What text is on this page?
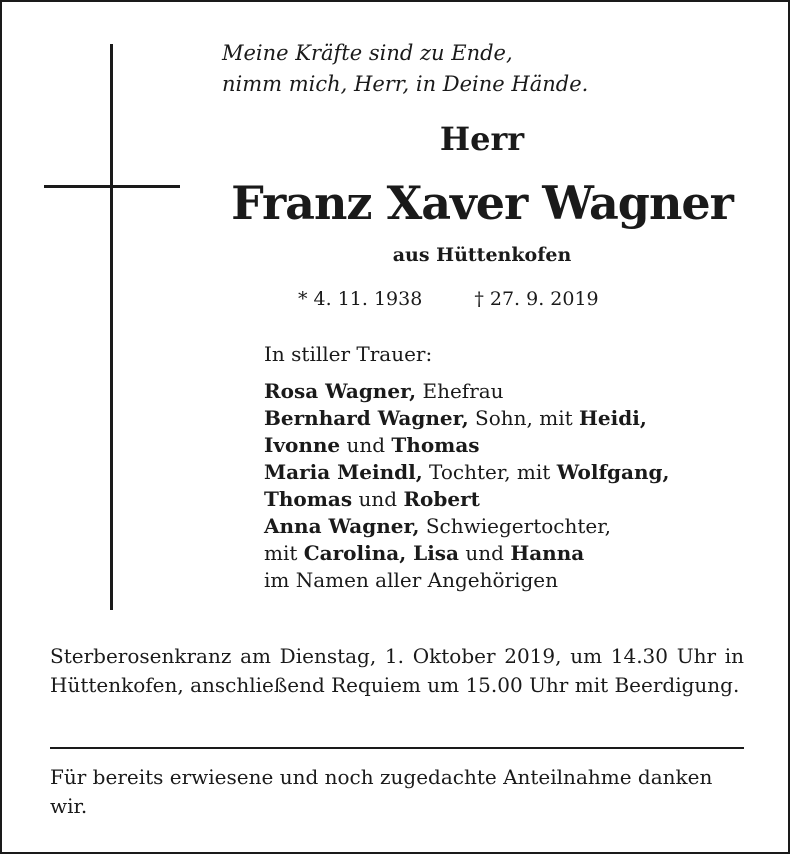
Meine Kräfte sind zu Ende,
nimm mich, Herr, in Deine Hände.
Herr
Franz Xaver Wagner
aus Hüttenkofen
* 4. 11. 1938	† 27. 9. 2019
In stiller Trauer:
Rosa Wagner, Ehefrau
Bernhard Wagner, Sohn, mit Heidi,
Ivonne und Thomas
Maria Meindl, Tochter, mit Wolfgang,
Thomas und Robert
Anna Wagner, Schwiegertochter,
mit Carolina, Lisa und Hanna
im Namen aller Angehörigen
Sterberosenkranz am Dienstag, 1. Oktober 2019, um 14.30 Uhr in Hüttenkofen, anschließend Requiem um 15.00 Uhr mit Beerdigung.
Für bereits erwiesene und noch zugedachte Anteilnahme danken wir.
